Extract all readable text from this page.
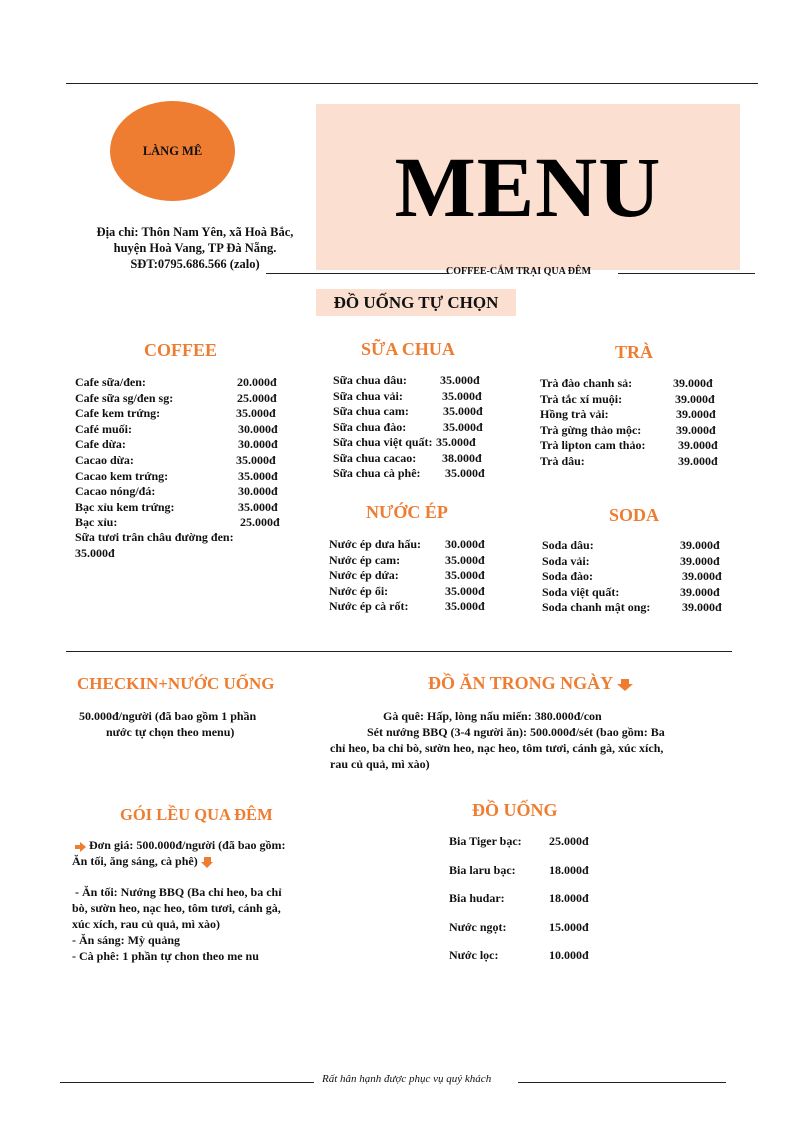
LÀNG MÊ	MENU
Địa chỉ: Thôn Nam Yên, xã Hoà Bắc,
huyện Hoà Vang, TP Đà Nẵng.
SĐT:0795.686.566 (zalo)
COFFEE-CẮM TRẠI QUA ĐÊM
ĐỒ UỐNG TỰ CHỌN
COFFEE
Cafe sữa/đen:	20.000đ
Cafe sữa sg/đen sg:	25.000đ
Cafe kem trứng:	35.000đ
Café muối:	30.000đ
Cafe dừa:	30.000đ
Cacao dừa:	35.000đ
Cacao kem trứng:	35.000đ
Cacao nóng/đá:	30.000đ
Bạc xỉu kem trứng:	35.000đ
Bạc xỉu:	25.000đ
Sữa tươi trân châu đường đen:
35.000đ
SỮA CHUA
Sữa chua dâu:	35.000đ
Sữa chua vải:	35.000đ
Sữa chua cam:	35.000đ
Sữa chua đào:	35.000đ
Sữa chua việt quất: 35.000đ
Sữa chua cacao: 38.000đ
Sữa chua cà phê: 35.000đ
TRÀ
Trà đào chanh sả:	39.000đ
Trà tắc xí muội:	39.000đ
Hồng trà vải:	39.000đ
Trà gừng thảo mộc:	39.000đ
Trà lipton cam thảo:	39.000đ
Trà dâu:	39.000đ
NƯỚC ÉP
Nước ép dưa hấu: 30.000đ
Nước ép cam:	35.000đ
Nước ép dứa:	35.000đ
Nước ép ổi:	35.000đ
Nước ép cà rốt:	35.000đ
SODA
Soda dâu:	39.000đ
Soda vải:	39.000đ
Soda đào:	39.000đ
Soda việt quất:	39.000đ
Soda chanh mật ong:	39.000đ
CHECKIN+NƯỚC UỐNG
50.000đ/người (đã bao gồm 1 phần
nước tự chọn theo menu)
ĐỒ ĂN TRONG NGÀY
Gà quê: Hấp, lòng nấu miến: 380.000đ/con
Sét nướng BBQ (3-4 người ăn): 500.000đ/sét (bao gồm: Ba
chỉ heo, ba chỉ bò, sườn heo, nạc heo, tôm tươi, cánh gà, xúc xích,
rau củ quả, mì xào)
GÓI LỀU QUA ĐÊM
Đơn giá: 500.000đ/người (đã bao gồm:
Ăn tối, ăng sáng, cà phê)
- Ăn tối: Nướng BBQ (Ba chỉ heo, ba chỉ
bò, sườn heo, nạc heo, tôm tươi, cánh gà,
xúc xích, rau củ quả, mì xào)
- Ăn sáng: Mỳ quảng
- Cà phê: 1 phần tự chon theo me nu
ĐỒ UỐNG
Bia Tiger bạc: 25.000đ
Bia laru bạc:	18.000đ
Bia hudar:	18.000đ
Nước ngọt:	15.000đ
Nước lọc:	10.000đ
Rất hân hạnh được phục vụ quý khách
